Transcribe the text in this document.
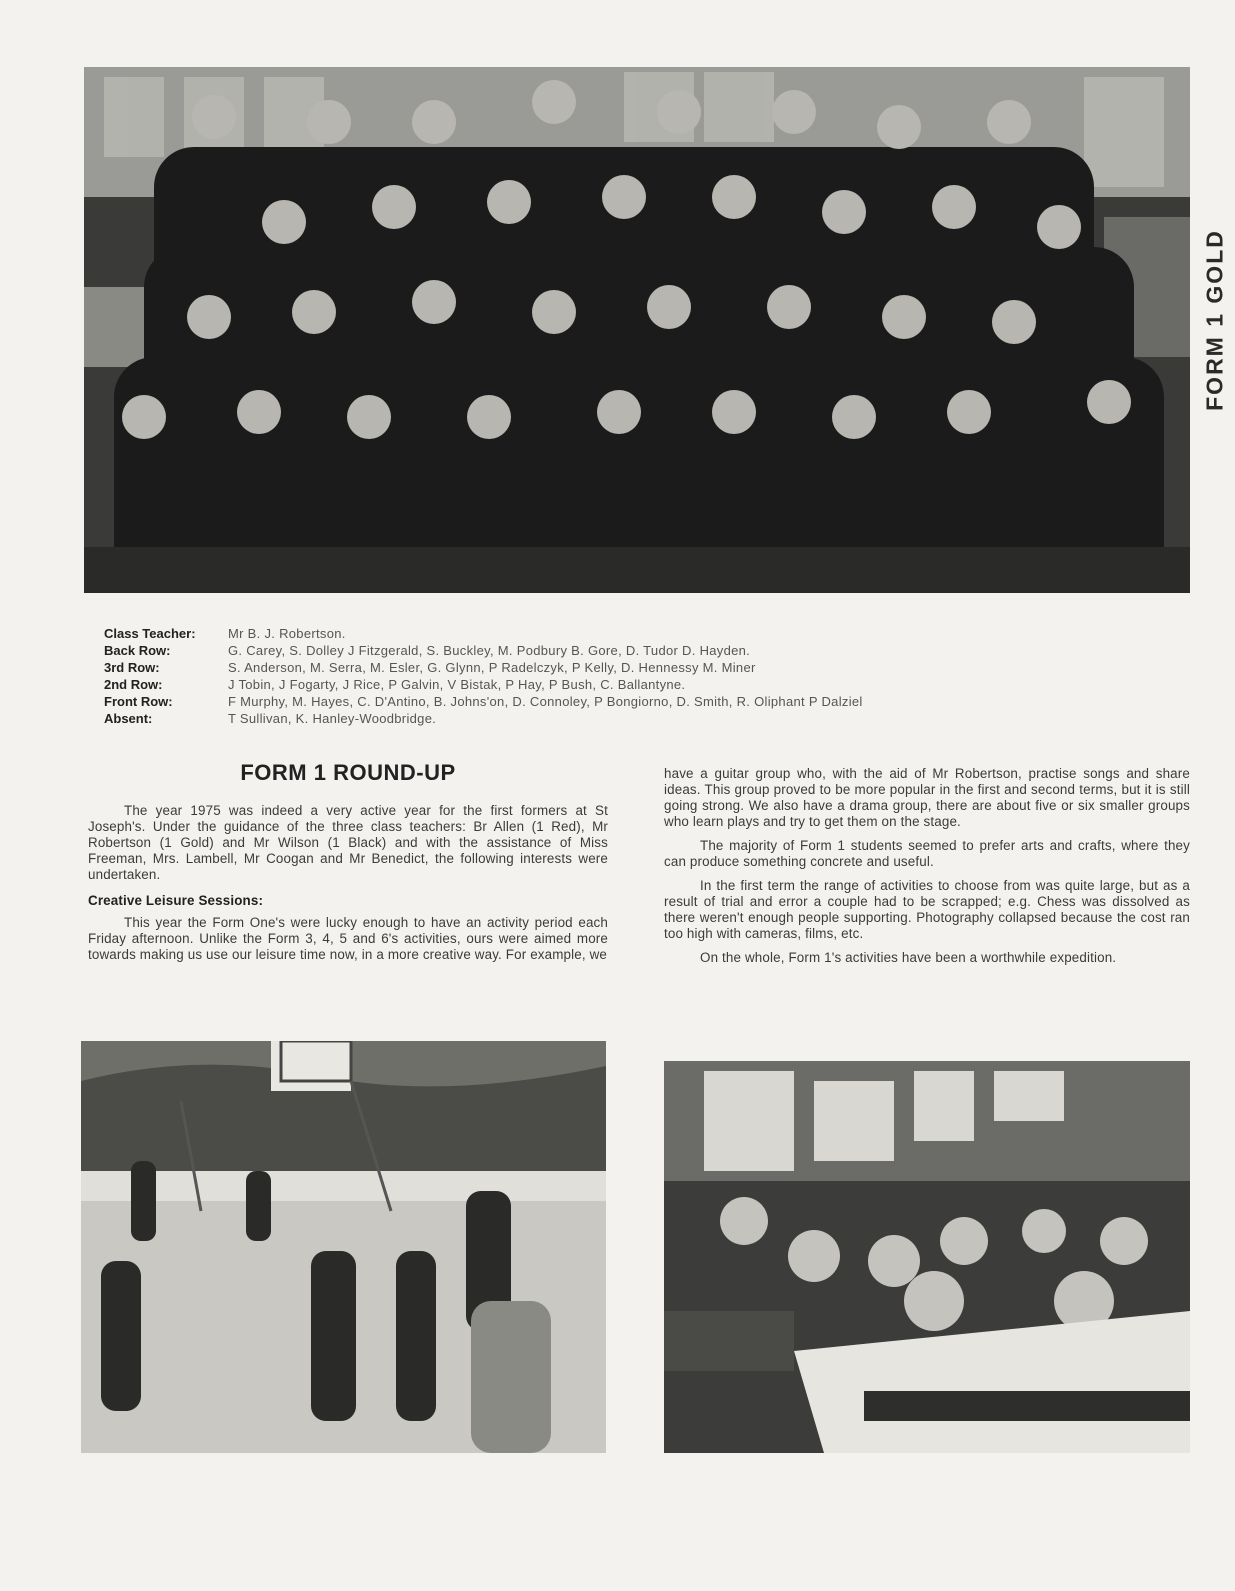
FORM 1 GOLD
Class Teacher:	Mr B. J. Robertson.
Back Row:	G. Carey, S. Dolley J Fitzgerald, S. Buckley, M. Podbury B. Gore, D. Tudor D. Hayden.
3rd Row:	S. Anderson, M. Serra, M. Esler, G. Glynn, P Radelczyk, P Kelly, D. Hennessy M. Miner
2nd Row:	J Tobin, J Fogarty, J Rice, P Galvin, V Bistak, P Hay, P Bush, C. Ballantyne.
Front Row:	F Murphy, M. Hayes, C. D'Antino, B. Johns'on, D. Connoley, P Bongiorno, D. Smith, R. Oliphant P Dalziel
Absent:	T Sullivan, K. Hanley-Woodbridge.
FORM 1 ROUND-UP

The year 1975 was indeed a very active year for the first formers at St Joseph's. Under the guidance of the three class teachers: Br Allen (1 Red), Mr Robertson (1 Gold) and Mr Wilson (1 Black) and with the assistance of Miss Freeman, Mrs. Lambell, Mr Coogan and Mr Benedict, the following interests were undertaken.

Creative Leisure Sessions:

This year the Form One's were lucky enough to have an activity period each Friday afternoon. Unlike the Form 3, 4, 5 and 6's activities, ours were aimed more towards making us use our leisure time now, in a more creative way. For example, we

have a guitar group who, with the aid of Mr Robertson, practise songs and share ideas. This group proved to be more popular in the first and second terms, but it is still going strong. We also have a drama group, there are about five or six smaller groups who learn plays and try to get them on the stage.

The majority of Form 1 students seemed to prefer arts and crafts, where they can produce something concrete and useful.

In the first term the range of activities to choose from was quite large, but as a result of trial and error a couple had to be scrapped; e.g. Chess was dissolved as there weren't enough people supporting. Photography collapsed because the cost ran too high with cameras, films, etc.

On the whole, Form 1's activities have been a worthwhile expedition.
